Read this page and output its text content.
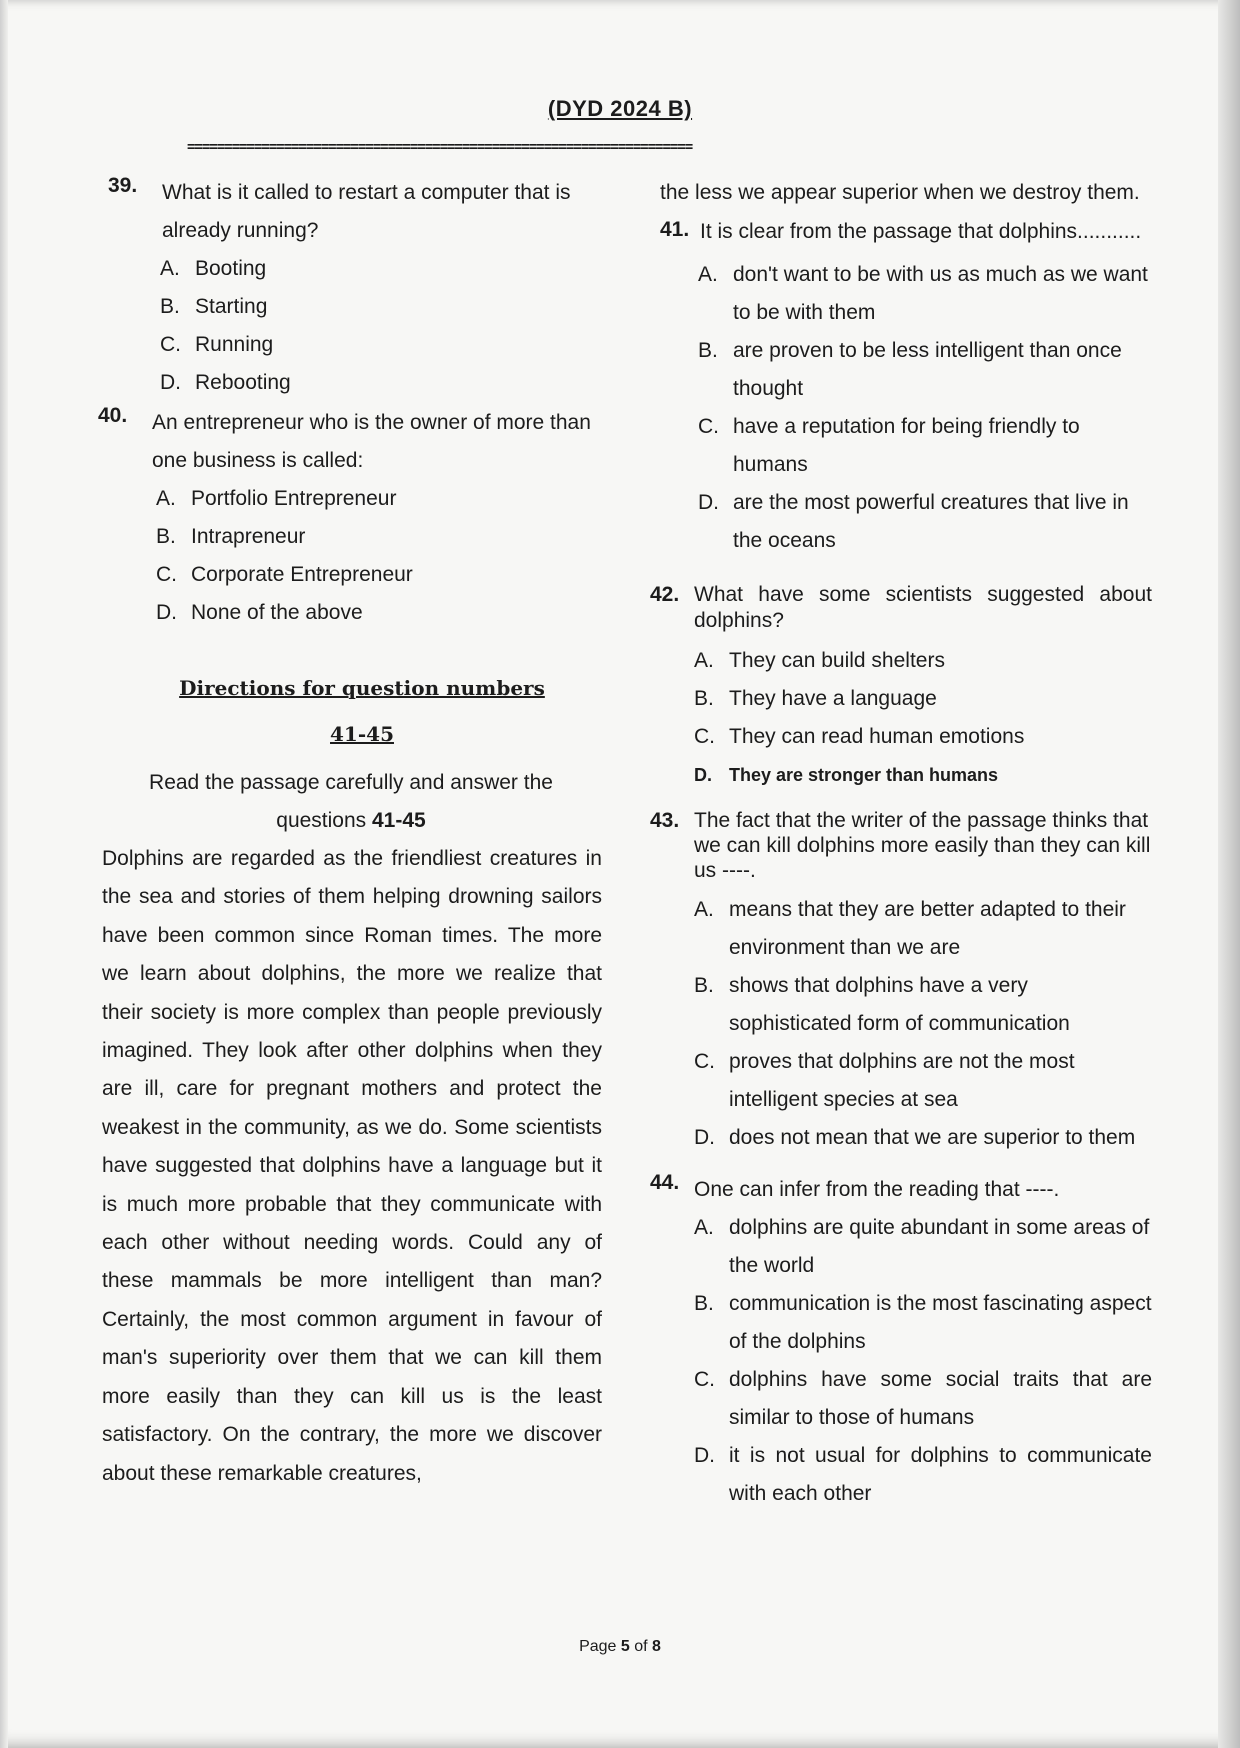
(DYD 2024 B)
====================================================================
39. What is it called to restart a computer that is already running?
A. Booting
B. Starting
C. Running
D. Rebooting
40. An entrepreneur who is the owner of more than one business is called:
A. Portfolio Entrepreneur
B. Intrapreneur
C. Corporate Entrepreneur
D. None of the above
Directions for question numbers
41-45
Read the passage carefully and answer the questions 41-45
Dolphins are regarded as the friendliest creatures in the sea and stories of them helping drowning sailors have been common since Roman times. The more we learn about dolphins, the more we realize that their society is more complex than people previously imagined. They look after other dolphins when they are ill, care for pregnant mothers and protect the weakest in the community, as we do. Some scientists have suggested that dolphins have a language but it is much more probable that they communicate with each other without needing words. Could any of these mammals be more intelligent than man? Certainly, the most common argument in favour of man's superiority over them that we can kill them more easily than they can kill us is the least satisfactory. On the contrary, the more we discover about these remarkable creatures,
the less we appear superior when we destroy them.
41. It is clear from the passage that dolphins...........
A. don't want to be with us as much as we want to be with them
B. are proven to be less intelligent than once thought
C. have a reputation for being friendly to humans
D. are the most powerful creatures that live in the oceans
42. What have some scientists suggested about dolphins?
A. They can build shelters
B. They have a language
C. They can read human emotions
D. They are stronger than humans
43. The fact that the writer of the passage thinks that we can kill dolphins more easily than they can kill us ----.
A. means that they are better adapted to their environment than we are
B. shows that dolphins have a very sophisticated form of communication
C. proves that dolphins are not the most intelligent species at sea
D. does not mean that we are superior to them
44. One can infer from the reading that ----.
A. dolphins are quite abundant in some areas of the world
B. communication is the most fascinating aspect of the dolphins
C. dolphins have some social traits that are similar to those of humans
D. it is not usual for dolphins to communicate with each other
Page 5 of 8
